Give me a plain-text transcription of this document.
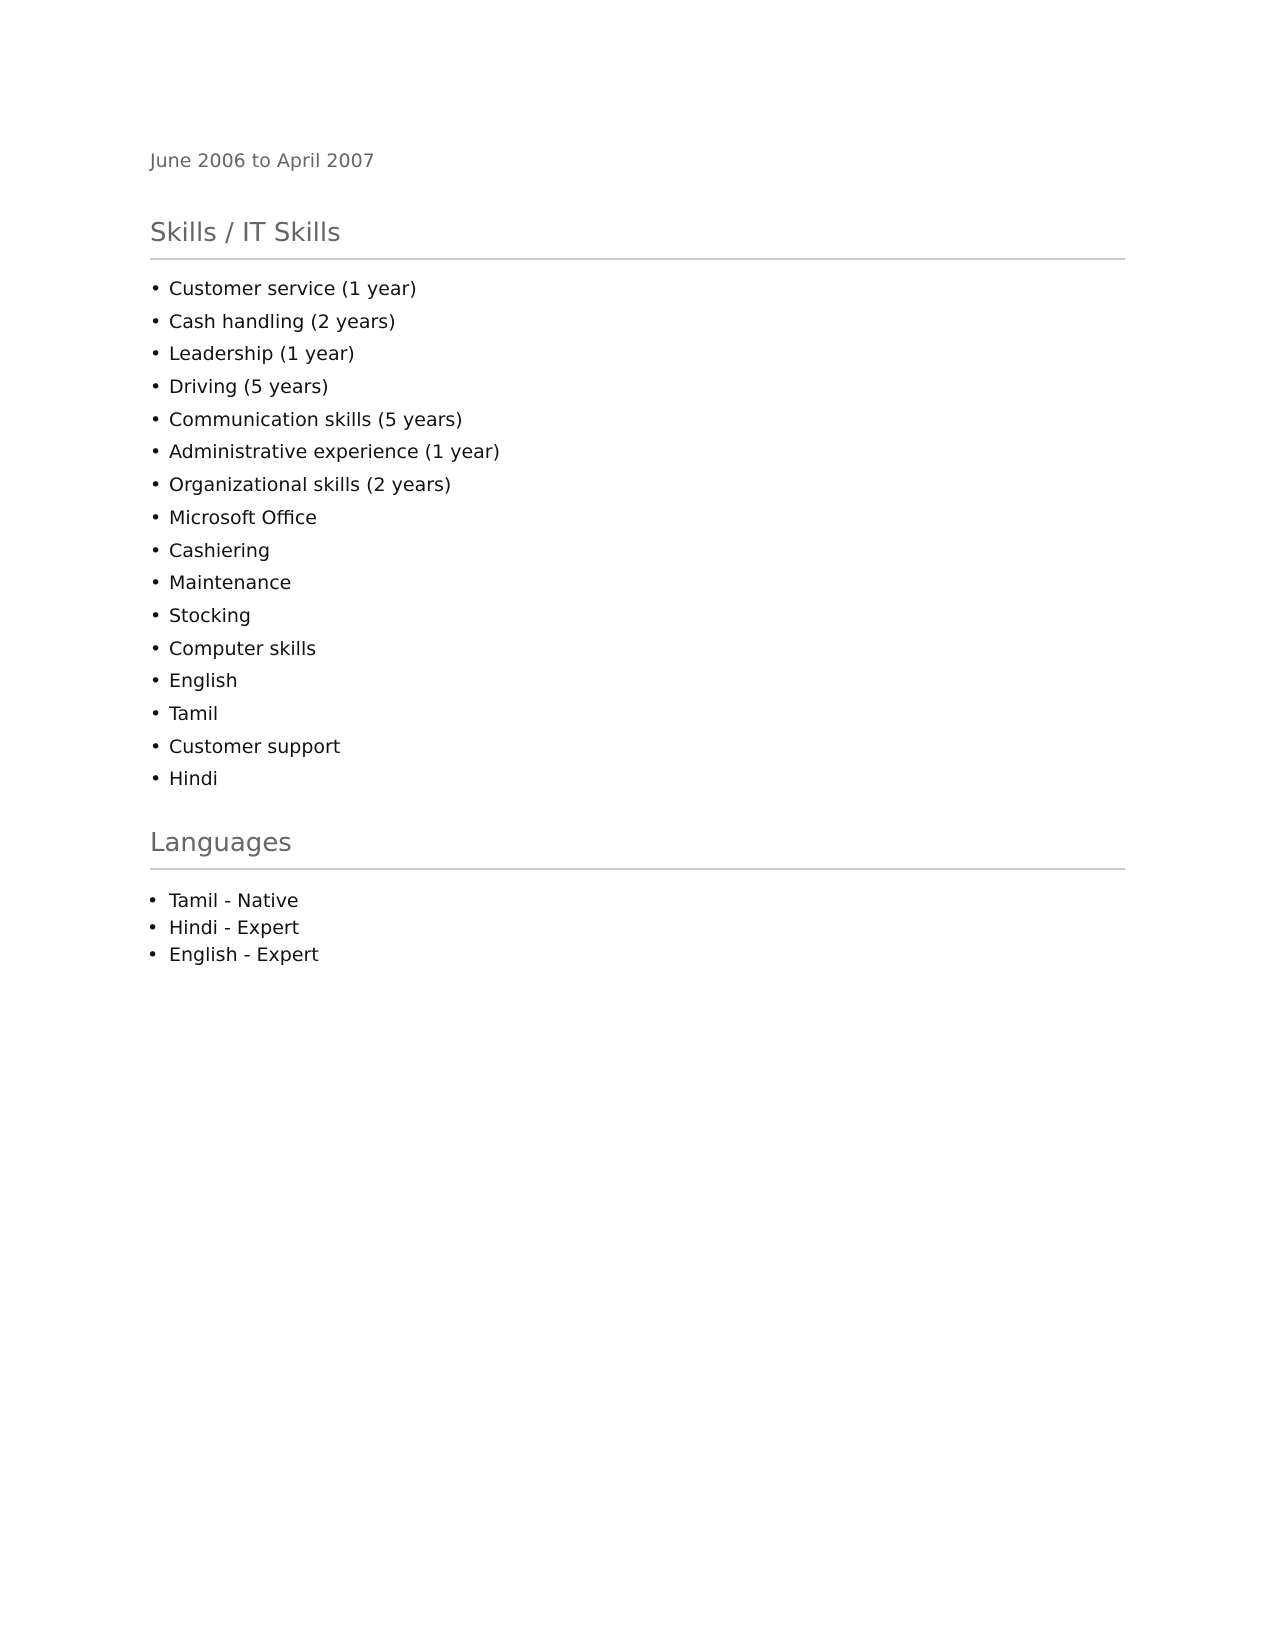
June 2006 to April 2007

Skills / IT Skills
• Customer service (1 year)
• Cash handling (2 years)
• Leadership (1 year)
• Driving (5 years)
• Communication skills (5 years)
• Administrative experience (1 year)
• Organizational skills (2 years)
• Microsoft Office
• Cashiering
• Maintenance
• Stocking
• Computer skills
• English
• Tamil
• Customer support
• Hindi
Languages
• Tamil - Native
• Hindi - Expert
• English - Expert
